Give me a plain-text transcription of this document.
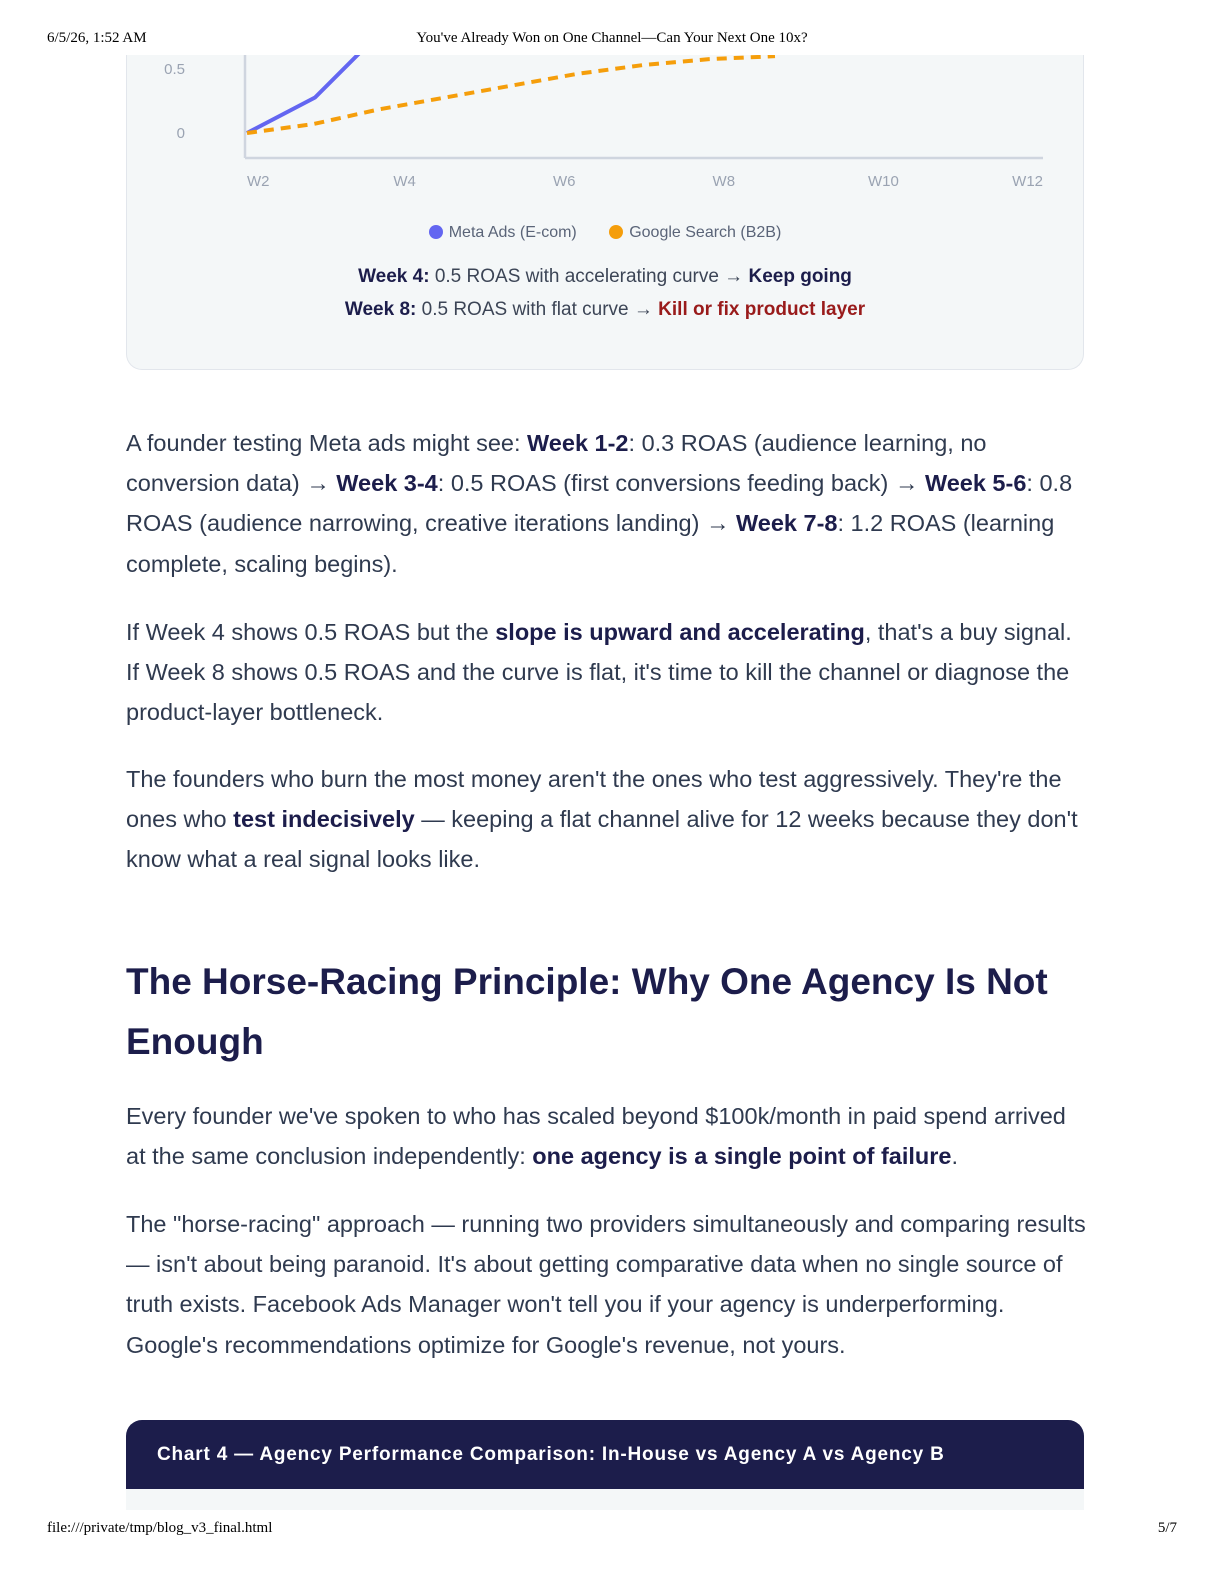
6/5/26, 1:52 AM	You've Already Won on One Channel—Can Your Next One 10x?
0.5
0
W2	W4	W6	W8	W10	W12
Meta Ads (E-com)	Google Search (B2B)
Week 4: 0.5 ROAS with accelerating curve → Keep going
Week 8: 0.5 ROAS with flat curve → Kill or fix product layer

A founder testing Meta ads might see: Week 1-2: 0.3 ROAS (audience learning, no conversion data) → Week 3-4: 0.5 ROAS (first conversions feeding back) → Week 5-6: 0.8 ROAS (audience narrowing, creative iterations landing) → Week 7-8: 1.2 ROAS (learning complete, scaling begins).

If Week 4 shows 0.5 ROAS but the slope is upward and accelerating, that's a buy signal. If Week 8 shows 0.5 ROAS and the curve is flat, it's time to kill the channel or diagnose the product-layer bottleneck.

The founders who burn the most money aren't the ones who test aggressively. They're the ones who test indecisively — keeping a flat channel alive for 12 weeks because they don't know what a real signal looks like.

The Horse-Racing Principle: Why One Agency Is Not Enough

Every founder we've spoken to who has scaled beyond $100k/month in paid spend arrived at the same conclusion independently: one agency is a single point of failure.

The "horse-racing" approach — running two providers simultaneously and comparing results — isn't about being paranoid. It's about getting comparative data when no single source of truth exists. Facebook Ads Manager won't tell you if your agency is underperforming. Google's recommendations optimize for Google's revenue, not yours.

Chart 4 — Agency Performance Comparison: In-House vs Agency A vs Agency B
file:///private/tmp/blog_v3_final.html	5/7
